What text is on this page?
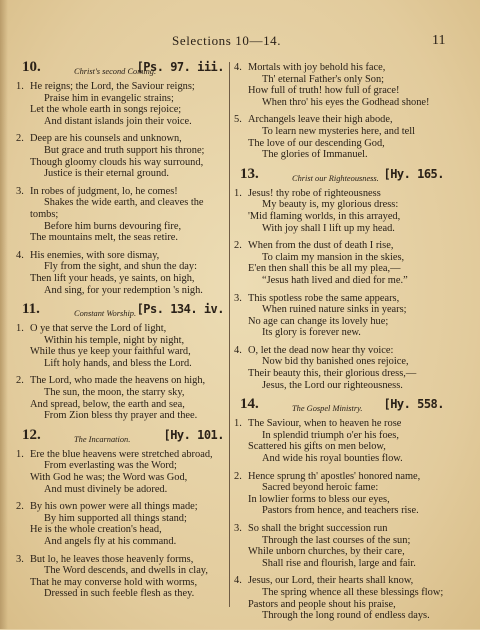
Selections 10—14.	11
10.	Christ's second Coming.
[Ps. 97. iii.
1. He reigns; the Lord, the Saviour reigns;
Praise him in evangelic strains;
Let the whole earth in songs rejoice;
And distant islands join their voice.
2. Deep are his counsels and unknown,
But grace and truth support his throne;
Though gloomy clouds his way surround,
Justice is their eternal ground.
3. In robes of judgment, lo, he comes!
Shakes the wide earth, and cleaves the
tombs;
Before him burns devouring fire,
The mountains melt, the seas retire.
4. His enemies, with sore dismay,
Fly from the sight, and shun the day:
Then lift your heads, ye saints, on high,
And sing, for your redemption 's nigh.
11.	Constant Worship. [Ps. 134. iv.
1. O ye that serve the Lord of light,
Within his temple, night by night,
While thus ye keep your faithful ward,
Lift holy hands, and bless the Lord.
2. The Lord, who made the heavens on high,
The sun, the moon, the starry sky,
And spread, below, the earth and sea,
From Zion bless thy prayer and thee.
12.	The Incarnation.	[Hy. 101.
1. Ere the blue heavens were stretched abroad,
From everlasting was the Word;
With God he was; the Word was God,
And must divinely be adored.
2. By his own power were all things made;
By him supported all things stand;
He is the whole creation's head,
And angels fly at his command.
3. But lo, he leaves those heavenly forms,
The Word descends, and dwells in clay,
That he may converse hold with worms,
Dressed in such feeble flesh as they.
4. Mortals with joy behold his face,
Th' eternal Father's only Son;
How full of truth! how full of grace!
When thro' his eyes the Godhead shone!
5. Archangels leave their high abode,
To learn new mysteries here, and tell
The love of our descending God,
The glories of Immanuel.
13.	Christ our Righteousness. [Hy. 165.
1. Jesus! thy robe of righteousness
My beauty is, my glorious dress:
'Mid flaming worlds, in this arrayed,
With joy shall I lift up my head.
2. When from the dust of death I rise,
To claim my mansion in the skies,
E'en then shall this be all my plea,—
“Jesus hath lived and died for me.”
3. This spotless robe the same appears,
When ruined nature sinks in years;
No age can change its lovely hue;
Its glory is forever new.
4. O, let the dead now hear thy voice:
Now bid thy banished ones rejoice,
Their beauty this, their glorious dress,—
Jesus, the Lord our righteousness.
14.	The Gospel Ministry. [Hy. 558.
1. The Saviour, when to heaven he rose
In splendid triumph o'er his foes,
Scattered his gifts on men below,
And wide his royal bounties flow.
2. Hence sprung th' apostles' honored name,
Sacred beyond heroic fame:
In lowlier forms to bless our eyes,
Pastors from hence, and teachers rise.
3. So shall the bright succession run
Through the last courses of the sun;
While unborn churches, by their care,
Shall rise and flourish, large and fair.
4. Jesus, our Lord, their hearts shall know,
The spring whence all these blessings flow;
Pastors and people shout his praise,
Through the long round of endless days.
